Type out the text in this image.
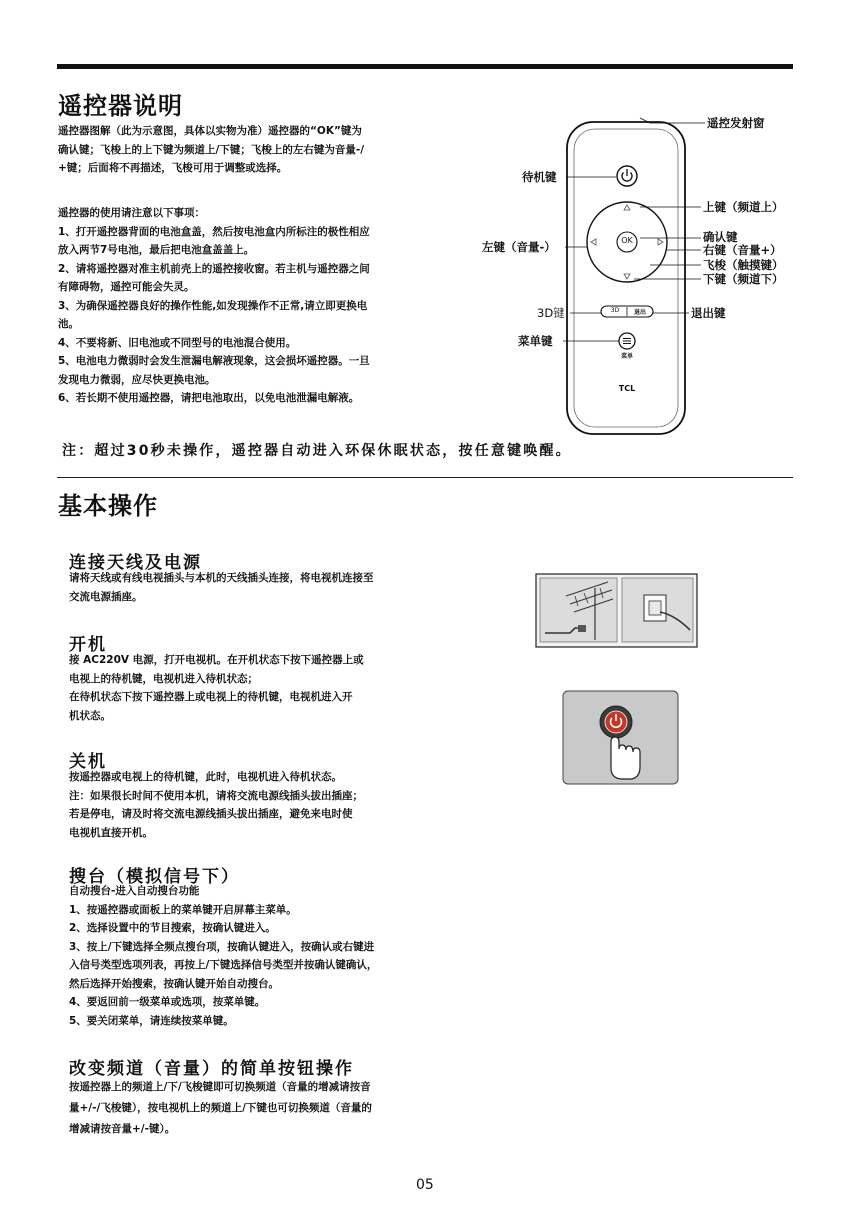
遥控器说明
遥控器图解（此为示意图，具体以实物为准）遥控器的“OK”键为
确认键；飞梭上的上下键为频道上/下键；飞梭上的左右键为音量-/
+键；后面将不再描述，飞梭可用于调整或选择。
遥控器的使用请注意以下事项：
1、打开遥控器背面的电池盒盖，然后按电池盒内所标注的极性相应
放入两节7号电池，最后把电池盒盖盖上。
2、请将遥控器对准主机前壳上的遥控接收窗。若主机与遥控器之间
有障碍物，遥控可能会失灵。
3、为确保遥控器良好的操作性能,如发现操作不正常,请立即更换电
池。
4、不要将新、旧电池或不同型号的电池混合使用。
5、电池电力微弱时会发生泄漏电解液现象，这会损坏遥控器。一旦
发现电力微弱，应尽快更换电池。
6、若长期不使用遥控器，请把电池取出，以免电池泄漏电解液。
注：超过30秒未操作，遥控器自动进入环保休眠状态，按任意键唤醒。
OK
3D	退出
菜单
TCL
遥控发射窗
待机键
上键（频道上）
左键（音量-）
确认键
右键（音量+）
飞梭（触摸键）
下键（频道下）
3D键	退出键
菜单键
基本操作
连接天线及电源
请将天线或有线电视插头与本机的天线插头连接，将电视机连接至
交流电源插座。
开机
接 AC220V 电源，打开电视机。在开机状态下按下遥控器上或
电视上的待机键，电视机进入待机状态；
在待机状态下按下遥控器上或电视上的待机键，电视机进入开
机状态。
关机
按遥控器或电视上的待机键，此时，电视机进入待机状态。
注：如果很长时间不使用本机，请将交流电源线插头拔出插座；
若是停电，请及时将交流电源线插头拔出插座，避免来电时使
电视机直接开机。
搜台（模拟信号下）
自动搜台-进入自动搜台功能
1、按遥控器或面板上的菜单键开启屏幕主菜单。
2、选择设置中的节目搜索，按确认键进入。
3、按上/下键选择全频点搜台项，按确认键进入，按确认或右键进
入信号类型选项列表，再按上/下键选择信号类型并按确认键确认，
然后选择开始搜索，按确认键开始自动搜台。
4、要返回前一级菜单或选项，按菜单键。
5、要关闭菜单，请连续按菜单键。
改变频道（音量）的简单按钮操作
按遥控器上的频道上/下/飞梭键即可切换频道（音量的增减请按音
量+/-/飞梭键），按电视机上的频道上/下键也可切换频道（音量的
增减请按音量+/-键）。
05
